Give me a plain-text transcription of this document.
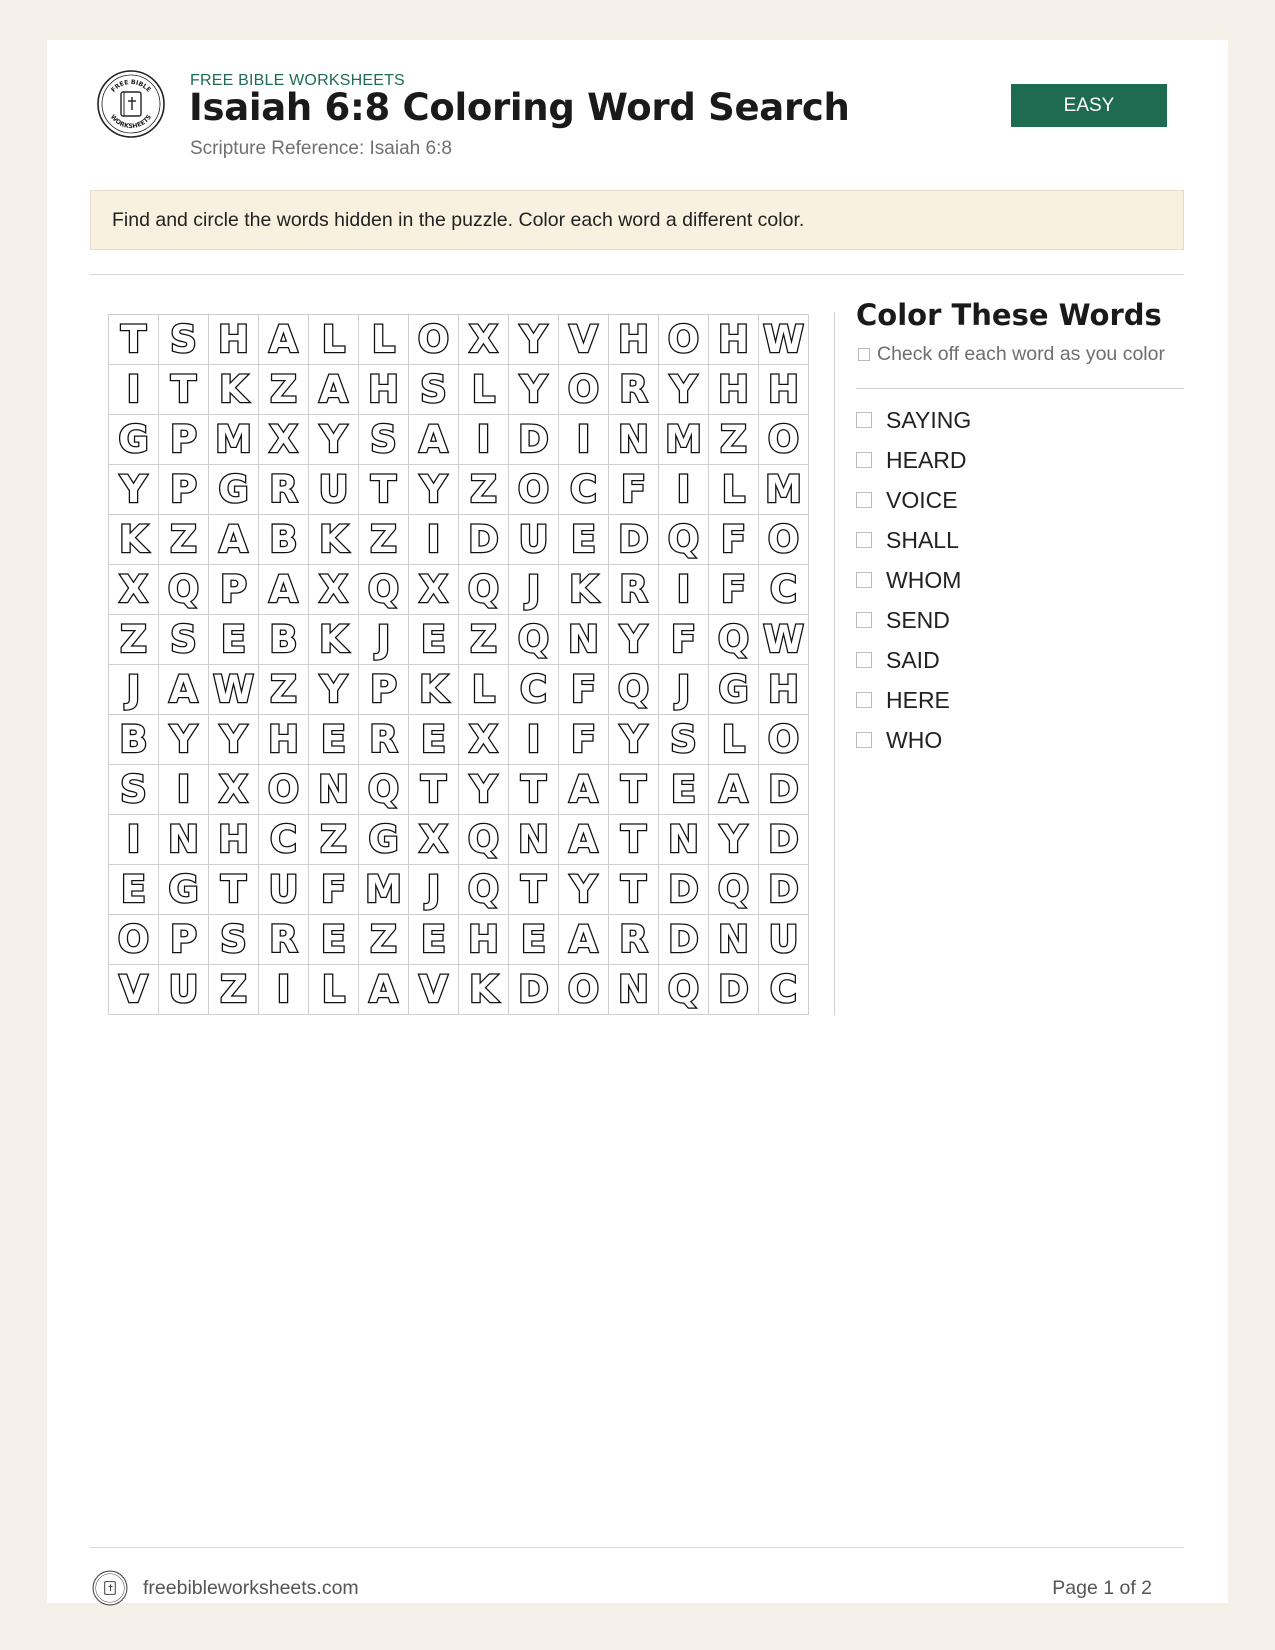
FREE BIBLE
WORKSHEETS
FREE BIBLE WORKSHEETS
Isaiah 6:8 Coloring Word Search
Scripture Reference: Isaiah 6:8
EASY
Find and circle the words hidden in the puzzle. Color each word a different color.
T S H A L L O X Y V H O H W
I T K Z A H S L Y O R Y H H
G P M X Y S A I D I N M Z O
Y P G R U T Y Z O C F I L M
K Z A B K Z I D U E D Q F O
X Q P A X Q X Q J K R I F C
Z S E B K J E Z Q N Y F Q W
J A W Z Y P K L C F Q J G H
B Y Y H E R E X I F Y S L O
S I X O N Q T Y T A T E A D
I N H C Z G X Q N A T N Y D
E G T U F M J Q T Y T D Q D
O P S R E Z E H E A R D N U
V U Z I L A V K D O N Q D C
Color These Words
Check off each word as you color
SAYING
HEARD
VOICE
SHALL
WHOM
SEND
SAID
HERE
WHO
freebibleworksheets.com	Page 1 of 2
